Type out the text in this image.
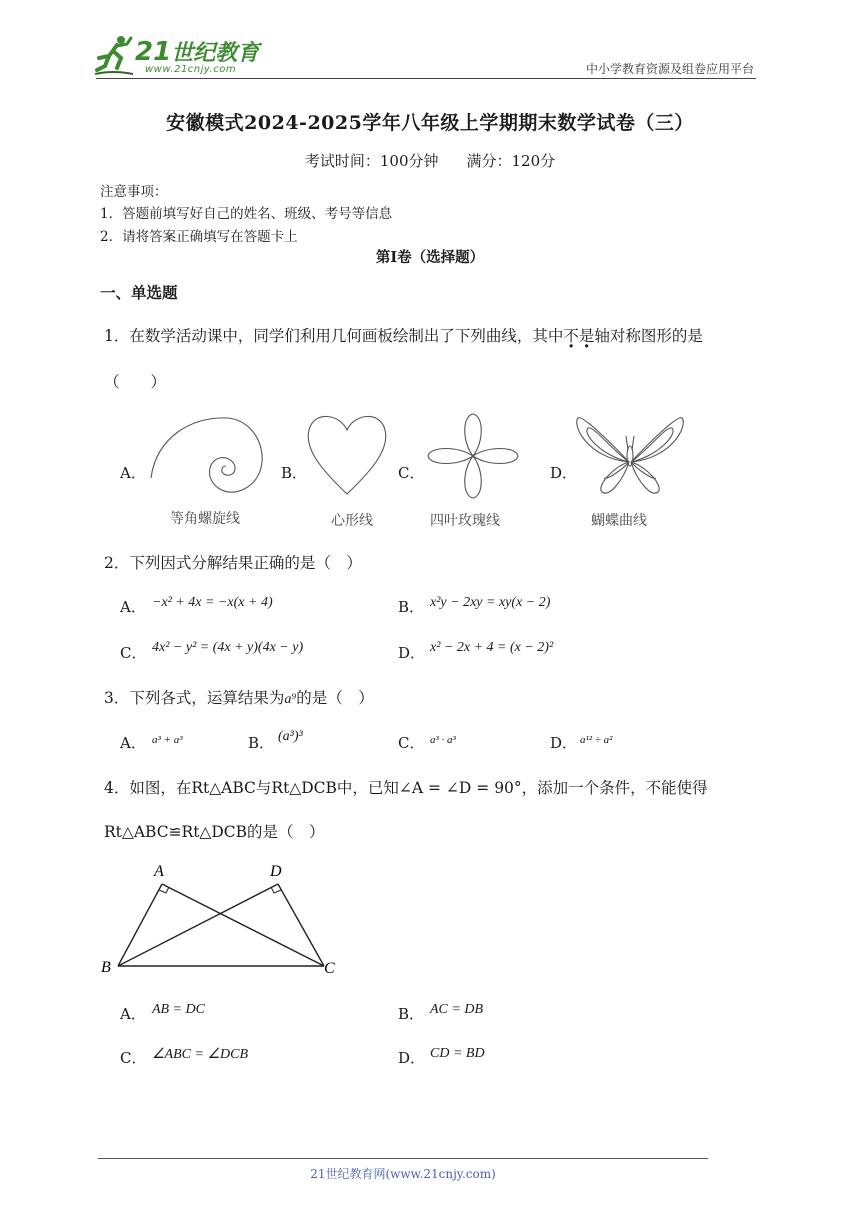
21世纪教育
www.21cnjy.com	中小学教育资源及组卷应用平台
安徽模式2024-2025学年八年级上学期期末数学试卷（三）
考试时间：100分钟 满分：120分
注意事项：
1．答题前填写好自己的姓名、班级、考号等信息
2．请将答案正确填写在答题卡上
第I卷（选择题）
一、单选题
1．在数学活动课中，同学们利用几何画板绘制出了下列曲线，其中不是轴对称图形的是
（　　）
A．
等角螺旋线
B．
心形线
C．
四叶玫瑰线
D．
蝴蝶曲线
2．下列因式分解结果正确的是（　）
A． −x² + 4x = −x(x + 4)	B． x²y − 2xy = xy(x − 2)
C． 4x² − y² = (4x + y)(4x − y)	D． x² − 2x + 4 = (x − 2)²
3．下列各式，运算结果为a⁹的是（　）
A． a³ + a³	B． (a³)³	C． a³ · a³	D． a¹² ÷ a²
4．如图，在Rt△ABC与Rt△DCB中，已知∠A = ∠D = 90°，添加一个条件，不能使得
Rt△ABC≌Rt△DCB的是（　）
A	D
B	C
A． AB = DC	B． AC = DB
C． ∠ABC = ∠DCB	D． CD = BD
21世纪教育网(www.21cnjy.com)
